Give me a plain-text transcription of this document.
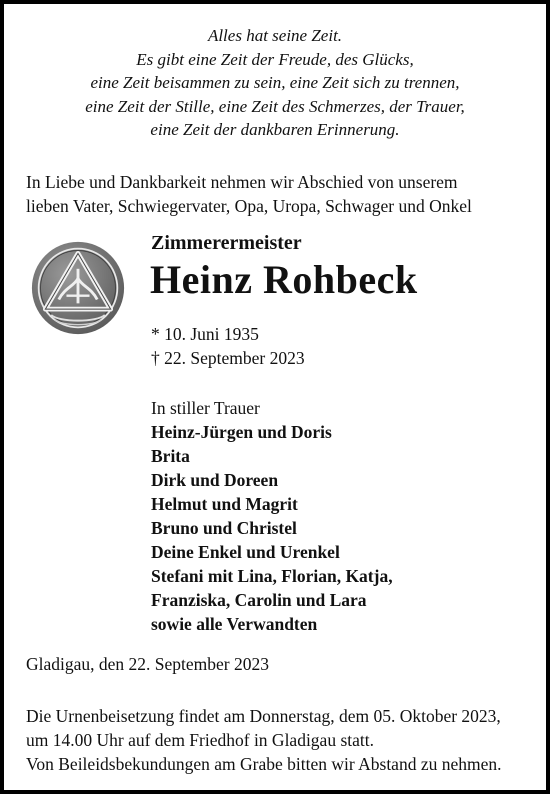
Alles hat seine Zeit.
Es gibt eine Zeit der Freude, des Glücks,
eine Zeit beisammen zu sein, eine Zeit sich zu trennen,
eine Zeit der Stille, eine Zeit des Schmerzes, der Trauer,
eine Zeit der dankbaren Erinnerung.
In Liebe und Dankbarkeit nehmen wir Abschied von unserem
lieben Vater, Schwiegervater, Opa, Uropa, Schwager und Onkel
Zimmerermeister
Heinz Rohbeck
* 10. Juni 1935
† 22. September 2023
In stiller Trauer
Heinz-Jürgen und Doris
Brita
Dirk und Doreen
Helmut und Magrit
Bruno und Christel
Deine Enkel und Urenkel
Stefani mit Lina, Florian, Katja,
Franziska, Carolin und Lara
sowie alle Verwandten
Gladigau, den 22. September 2023
Die Urnenbeisetzung findet am Donnerstag, dem 05. Oktober 2023,
um 14.00 Uhr auf dem Friedhof in Gladigau statt.
Von Beileidsbekundungen am Grabe bitten wir Abstand zu nehmen.
